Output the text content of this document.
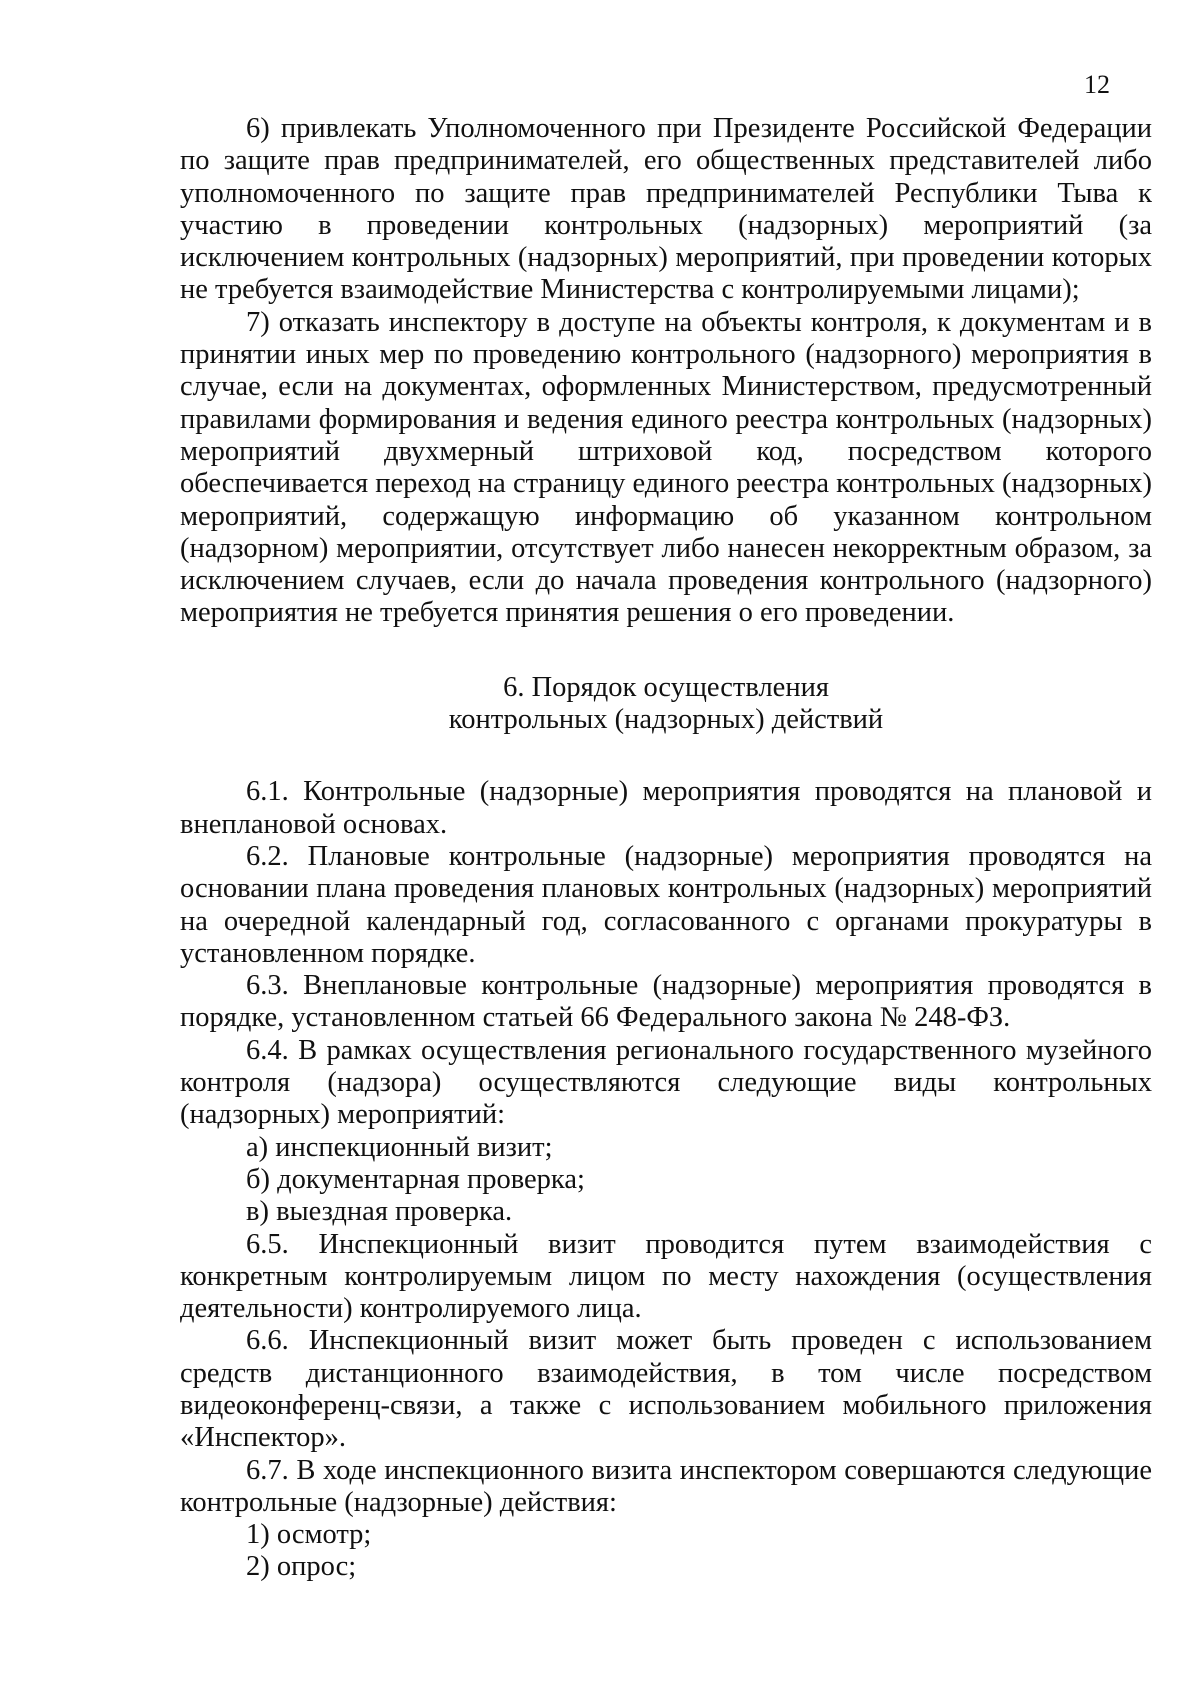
12

6) привлекать Уполномоченного при Президенте Российской Федерации по защите прав предпринимателей, его общественных представителей либо уполномоченного по защите прав предпринимателей Республики Тыва к участию в проведении контрольных (надзорных) мероприятий (за исключением контрольных (надзорных) мероприятий, при проведении которых не требуется взаимодействие Министерства с контролируемыми лицами);

7) отказать инспектору в доступе на объекты контроля, к документам и в принятии иных мер по проведению контрольного (надзорного) мероприятия в случае, если на документах, оформленных Министерством, предусмотренный правилами формирования и ведения единого реестра контрольных (надзорных) мероприятий двухмерный штриховой код, посредством которого обеспечивается переход на страницу единого реестра контрольных (надзорных) мероприятий, содержащую информацию об указанном контрольном (надзорном) мероприятии, отсутствует либо нанесен некорректным образом, за исключением случаев, если до начала проведения контрольного (надзорного) мероприятия не требуется принятия решения о его проведении.

6. Порядок осуществления
контрольных (надзорных) действий

6.1. Контрольные (надзорные) мероприятия проводятся на плановой и внеплановой основах.

6.2. Плановые контрольные (надзорные) мероприятия проводятся на основании плана проведения плановых контрольных (надзорных) мероприятий на очередной календарный год, согласованного с органами прокуратуры в установленном порядке.

6.3. Внеплановые контрольные (надзорные) мероприятия проводятся в порядке, установленном статьей 66 Федерального закона № 248-ФЗ.

6.4. В рамках осуществления регионального государственного музейного контроля (надзора) осуществляются следующие виды контрольных (надзорных) мероприятий:

а) инспекционный визит;

б) документарная проверка;

в) выездная проверка.

6.5. Инспекционный визит проводится путем взаимодействия с конкретным контролируемым лицом по месту нахождения (осуществления деятельности) контролируемого лица.

6.6. Инспекционный визит может быть проведен с использованием средств дистанционного взаимодействия, в том числе посредством видеоконференц-связи, а также с использованием мобильного приложения «Инспектор».

6.7. В ходе инспекционного визита инспектором совершаются следующие контрольные (надзорные) действия:

1) осмотр;

2) опрос;
